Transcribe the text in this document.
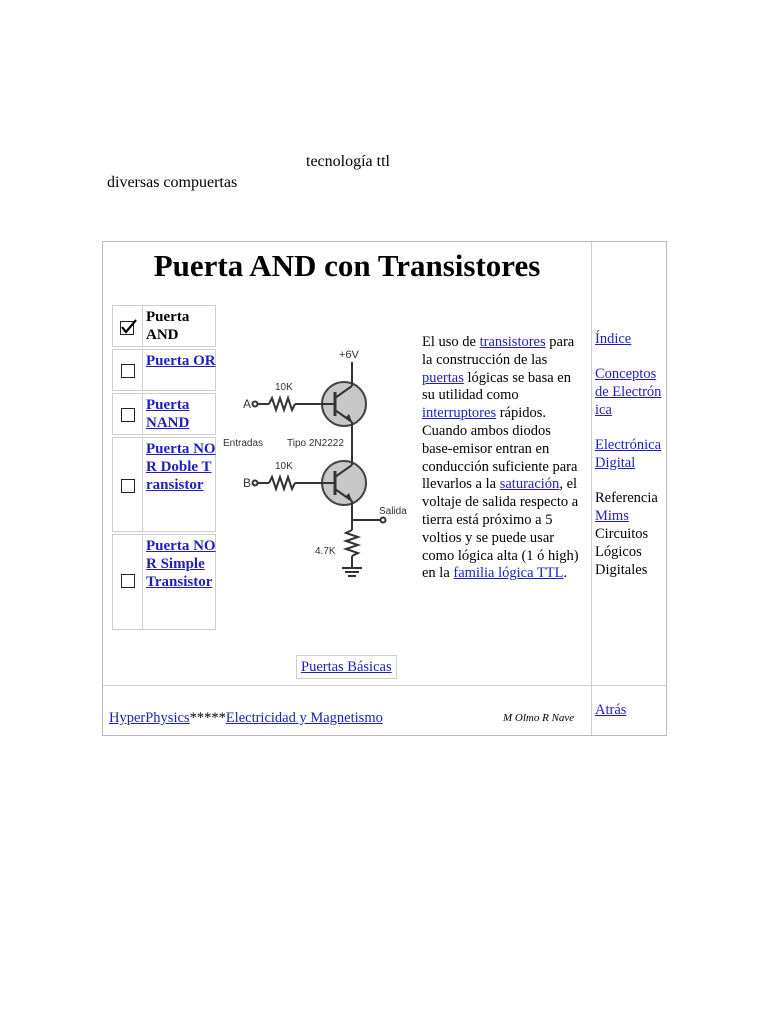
tecnología ttl
diversas compuertas
Puerta AND con Transistores
Puerta AND
Puerta OR
Puerta NAND
Puerta NOR Doble Transistor
Puerta NOR Simple Transistor
+6V
10K
A
Entradas Tipo 2N2222
10K
B
Salida
4.7K
El uso de transistores para la construcción de las puertas lógicas se basa en su utilidad como interruptores rápidos. Cuando ambos diodos base-emisor entran en conducción suficiente para llevarlos a la saturación, el voltaje de salida respecto a tierra está próximo a 5 voltios y se puede usar como lógica alta (1 ó high) en la familia lógica TTL.
Índice
Conceptos de Electrónica
Electrónica Digital
Referencia
Mims
Circuitos Lógicos Digitales
Puertas Básicas
HyperPhysics*****Electricidad y Magnetismo	M Olmo R Nave Atrás
